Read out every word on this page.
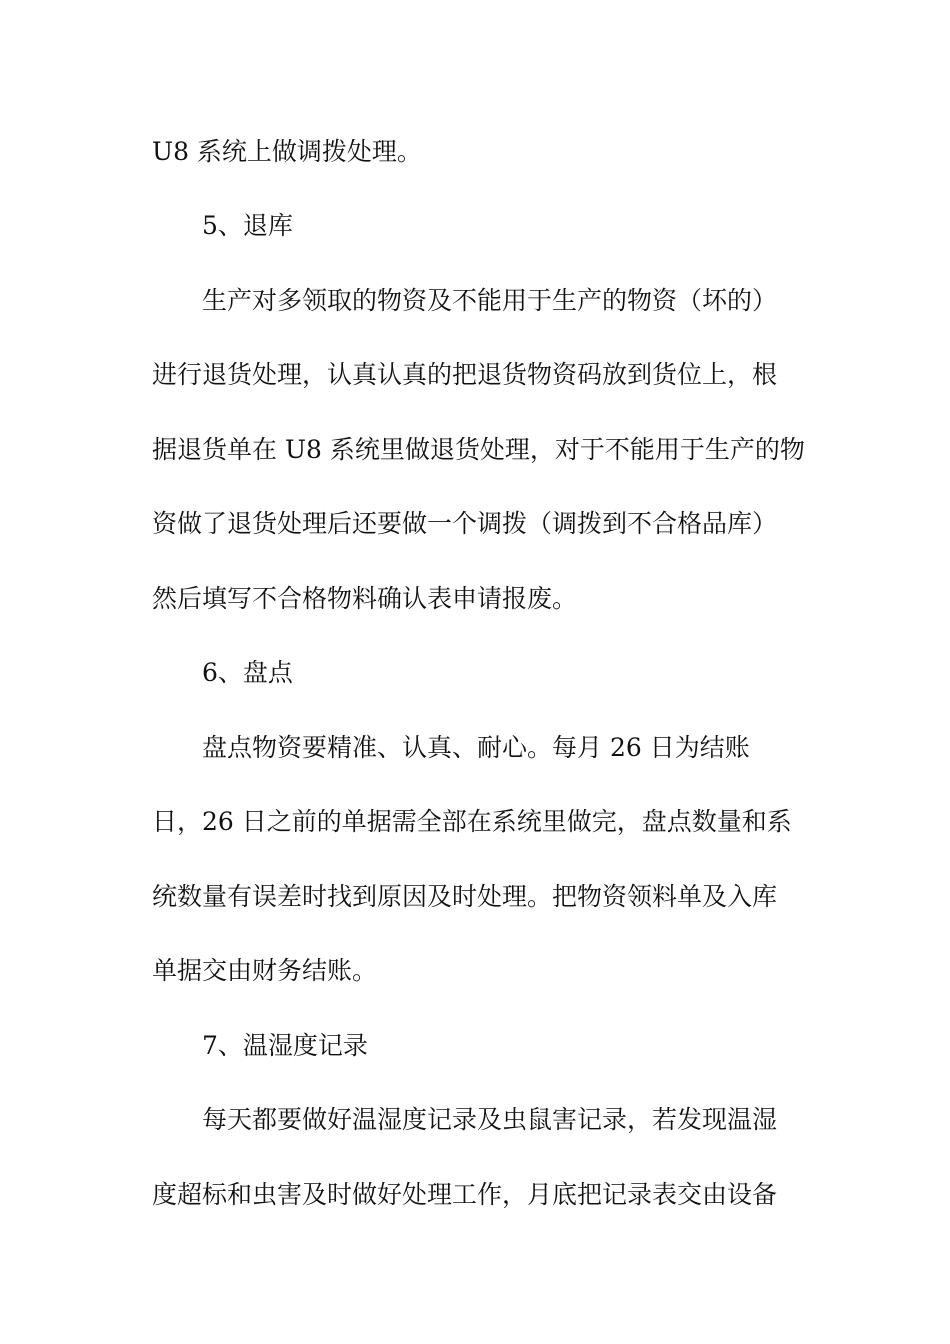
U8 系统上做调拨处理。
5、退库
生产对多领取的物资及不能用于生产的物资（坏的）
进行退货处理，认真认真的把退货物资码放到货位上，根
据退货单在 U8 系统里做退货处理，对于不能用于生产的物
资做了退货处理后还要做一个调拨（调拨到不合格品库）
然后填写不合格物料确认表申请报废。
6、盘点
盘点物资要精准、认真、耐心。每月 26 日为结账
日，26 日之前的单据需全部在系统里做完，盘点数量和系
统数量有误差时找到原因及时处理。把物资领料单及入库
单据交由财务结账。
7、温湿度记录
每天都要做好温湿度记录及虫鼠害记录，若发现温湿
度超标和虫害及时做好处理工作，月底把记录表交由设备
